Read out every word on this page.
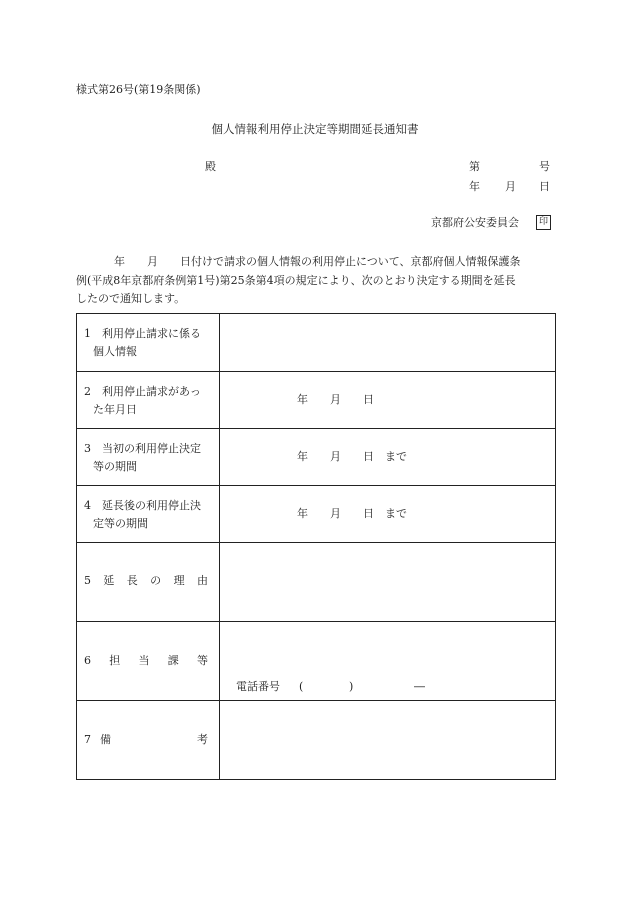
様式第26号(第19条関係)
個人情報利用停止決定等期間延長通知書
殿	第	号
年 月 日
京都府公安委員会	印
年　　月　　日付けで請求の個人情報の利用停止について、京都府個人情報保護条
例(平成8年京都府条例第1号)第25条第4項の規定により、次のとおり決定する期間を延長
したので通知します。
1　 利用停止請求に係る
個人情報
2　 利用停止請求があっ
た年月日
年　　月　　日
3　 当初の利用停止決定
等の期間
年　　月　　日　まで
4　 延長後の利用停止決
定等の期間
年　　月　　日　まで
5 延 長 の 理 由
6 担 当 課 等
電話番号 (	)	―
7 備	考
